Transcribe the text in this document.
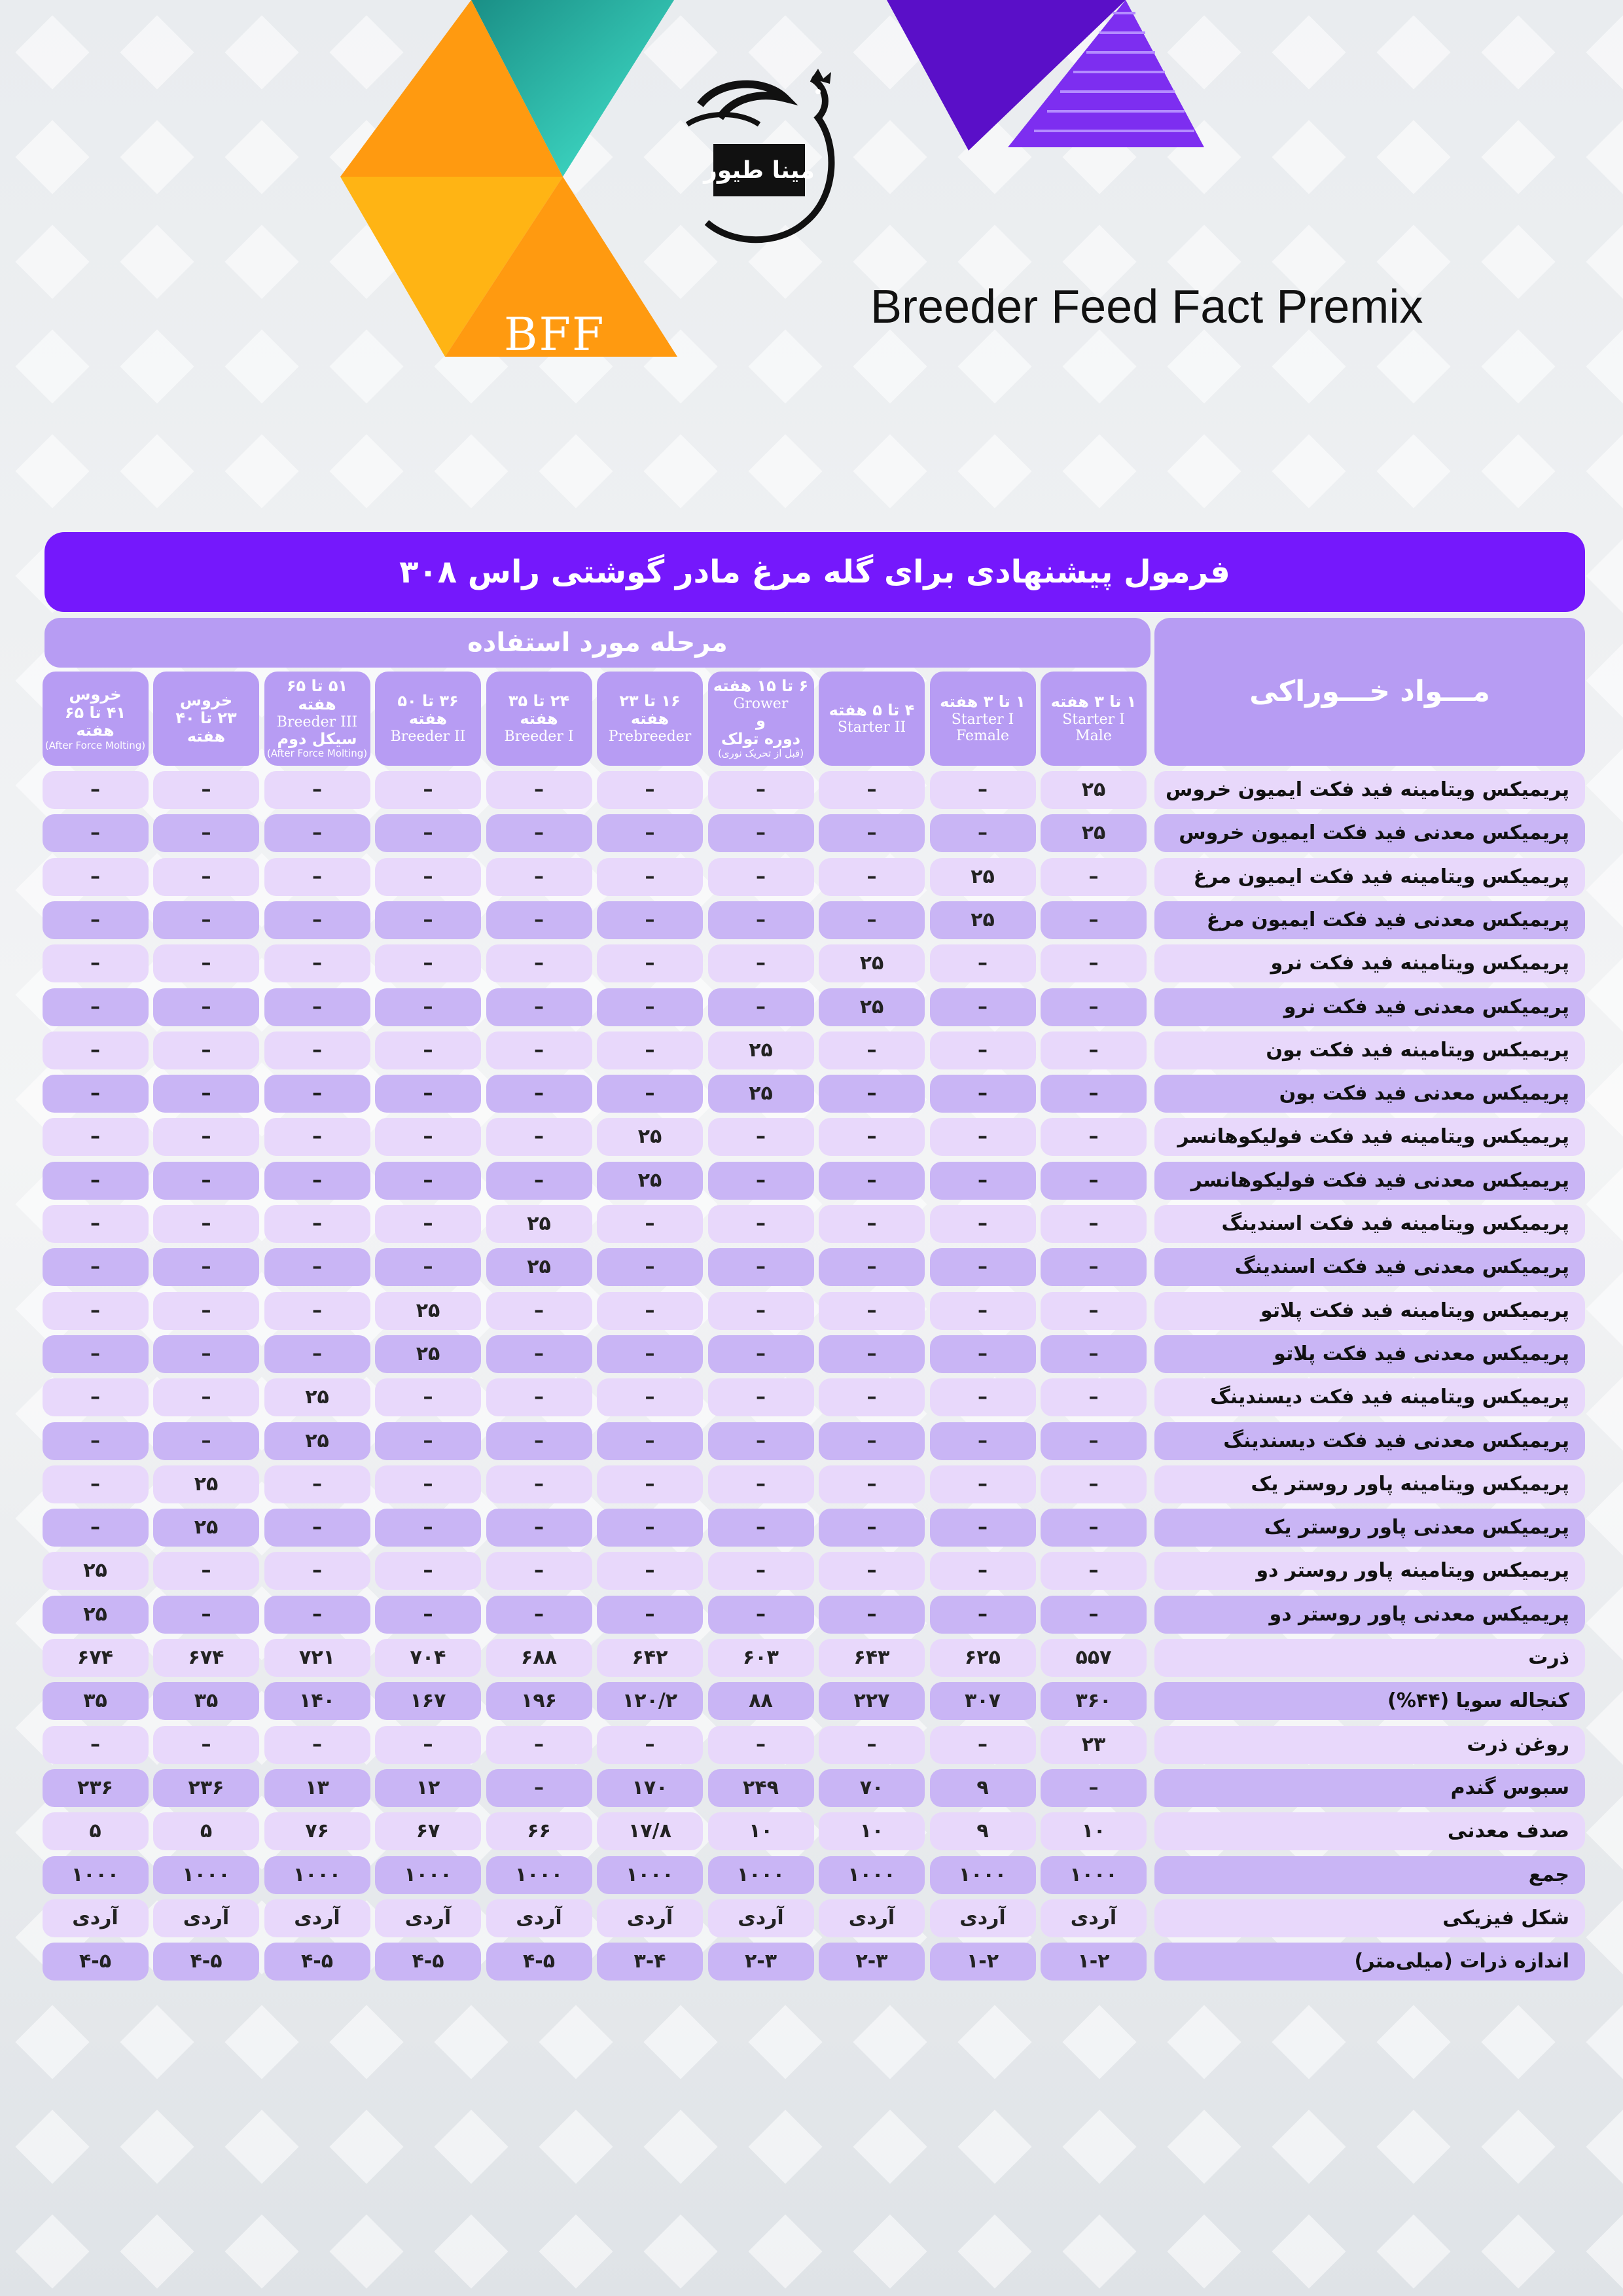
مینا طیور
BFF
Breeder Feed Fact Premix
فرمول پیشنهادی برای گله مرغ مادر گوشتی راس ۳۰۸
مرحله مورد استفاده
مـــواد خـــوراکی
۱ تا ۳ هفته
Starter I
Male
۱ تا ۳ هفته
Starter I
Female
۴ تا ۵ هفته
Starter II
۶ تا ۱۵ هفته
Grower
و
دوره تولک
(قبل از تحریک نوری)
۱۶ تا ۲۳ هفته
Prebreeder
۲۴ تا ۳۵ هفته
Breeder I
۳۶ تا ۵۰ هفته
Breeder II
۵۱ تا ۶۵ هفته
Breeder III
سیکل دوم
(After Force Molting)
خروس
۲۳ تا ۴۰ هفته
خروس
۴۱ تا ۶۵ هفته
(After Force Molting)
پریمیکس ویتامینه فید فکت ایمیون خروس
۲۵
–
–
–
–
–
–
–
–
–
پریمیکس معدنی فید فکت ایمیون خروس
۲۵
–
–
–
–
–
–
–
–
–
پریمیکس ویتامینه فید فکت ایمیون مرغ
–
۲۵
–
–
–
–
–
–
–
–
پریمیکس معدنی فید فکت ایمیون مرغ
–
۲۵
–
–
–
–
–
–
–
–
پریمیکس ویتامینه فید فکت نرو
–
–
۲۵
–
–
–
–
–
–
–
پریمیکس معدنی فید فکت نرو
–
–
۲۵
–
–
–
–
–
–
–
پریمیکس ویتامینه فید فکت بون
–
–
–
۲۵
–
–
–
–
–
–
پریمیکس معدنی فید فکت بون
–
–
–
۲۵
–
–
–
–
–
–
پریمیکس ویتامینه فید فکت فولیکوهانسر
–
–
–
–
۲۵
–
–
–
–
–
پریمیکس معدنی فید فکت فولیکوهانسر
–
–
–
–
۲۵
–
–
–
–
–
پریمیکس ویتامینه فید فکت اسندینگ
–
–
–
–
–
۲۵
–
–
–
–
پریمیکس معدنی فید فکت اسندینگ
–
–
–
–
–
۲۵
–
–
–
–
پریمیکس ویتامینه فید فکت پلاتو
–
–
–
–
–
–
۲۵
–
–
–
پریمیکس معدنی فید فکت پلاتو
–
–
–
–
–
–
۲۵
–
–
–
پریمیکس ویتامینه فید فکت دیسندینگ
–
–
–
–
–
–
–
۲۵
–
–
پریمیکس معدنی فید فکت دیسندینگ
–
–
–
–
–
–
–
۲۵
–
–
پریمیکس ویتامینه پاور روستر یک
–
–
–
–
–
–
–
–
۲۵
–
پریمیکس معدنی پاور روستر یک
–
–
–
–
–
–
–
–
۲۵
–
پریمیکس ویتامینه پاور روستر دو
–
–
–
–
–
–
–
–
–
۲۵
پریمیکس معدنی پاور روستر دو
–
–
–
–
–
–
–
–
–
۲۵
ذرت
۵۵۷
۶۲۵
۶۴۳
۶۰۳
۶۴۲
۶۸۸
۷۰۴
۷۲۱
۶۷۴
۶۷۴
کنجاله سویا (۴۴%)
۳۶۰
۳۰۷
۲۲۷
۸۸
۱۲۰/۲
۱۹۶
۱۶۷
۱۴۰
۳۵
۳۵
روغن ذرت
۲۳
–
–
–
–
–
–
–
–
–
سبوس گندم
–
۹
۷۰
۲۴۹
۱۷۰
–
۱۲
۱۳
۲۳۶
۲۳۶
صدف معدنی
۱۰
۹
۱۰
۱۰
۱۷/۸
۶۶
۶۷
۷۶
۵
۵
جمع
۱۰۰۰
۱۰۰۰
۱۰۰۰
۱۰۰۰
۱۰۰۰
۱۰۰۰
۱۰۰۰
۱۰۰۰
۱۰۰۰
۱۰۰۰
شکل فیزیکی
آردی
آردی
آردی
آردی
آردی
آردی
آردی
آردی
آردی
آردی
اندازه ذرات (میلی‌متر)
۱-۲
۱-۲
۲-۳
۲-۳
۳-۴
۴-۵
۴-۵
۴-۵
۴-۵
۴-۵
